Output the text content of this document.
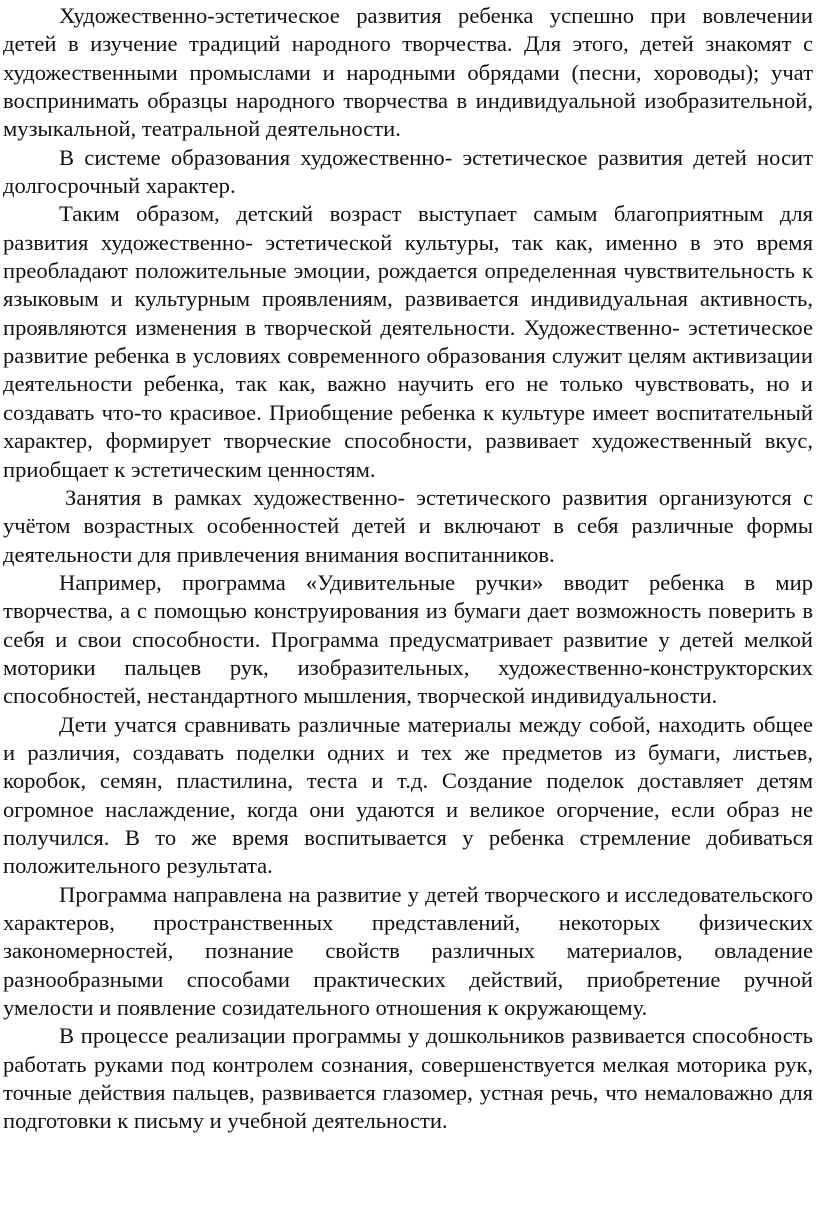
Художественно-эстетическое развития ребенка успешно при вовлечении детей в изучение традиций народного творчества. Для этого, детей знакомят с художественными промыслами и народными обрядами (песни, хороводы); учат воспринимать образцы народного творчества в индивидуальной изобразительной, музыкальной, театральной деятельности.

В системе образования художественно- эстетическое развития детей носит долгосрочный характер.

Таким образом, детский возраст выступает самым благоприятным для развития художественно- эстетической культуры, так как, именно в это время преобладают положительные эмоции, рождается определенная чувствительность к языковым и культурным проявлениям, развивается индивидуальная активность, проявляются изменения в творческой деятельности. Художественно- эстетическое развитие ребенка в условиях современного образования служит целям активизации деятельности ребенка, так как, важно научить его не только чувствовать, но и создавать что-то красивое. Приобщение ребенка к культуре имеет воспитательный характер, формирует творческие способности, развивает художественный вкус, приобщает к эстетическим ценностям.

Занятия в рамках художественно- эстетического развития организуются с учётом возрастных особенностей детей и включают в себя различные формы деятельности для привлечения внимания воспитанников.

Например, программа «Удивительные ручки» вводит ребенка в мир творчества, а с помощью конструирования из бумаги дает возможность поверить в себя и свои способности. Программа предусматривает развитие у детей мелкой моторики пальцев рук, изобразительных, художественно-конструкторских способностей, нестандартного мышления, творческой индивидуальности.

Дети учатся сравнивать различные материалы между собой, находить общее и различия, создавать поделки одних и тех же предметов из бумаги, листьев, коробок, семян, пластилина, теста и т.д. Создание поделок доставляет детям огромное наслаждение, когда они удаются и великое огорчение, если образ не получился. В то же время воспитывается у ребенка стремление добиваться положительного результата.

Программа направлена на развитие у детей творческого и исследовательского характеров, пространственных представлений, некоторых физических закономерностей, познание свойств различных материалов, овладение разнообразными способами практических действий, приобретение ручной умелости и появление созидательного отношения к окружающему.

В процессе реализации программы у дошкольников развивается способность работать руками под контролем сознания, совершенствуется мелкая моторика рук, точные действия пальцев, развивается глазомер, устная речь, что немаловажно для подготовки к письму и учебной деятельности.
